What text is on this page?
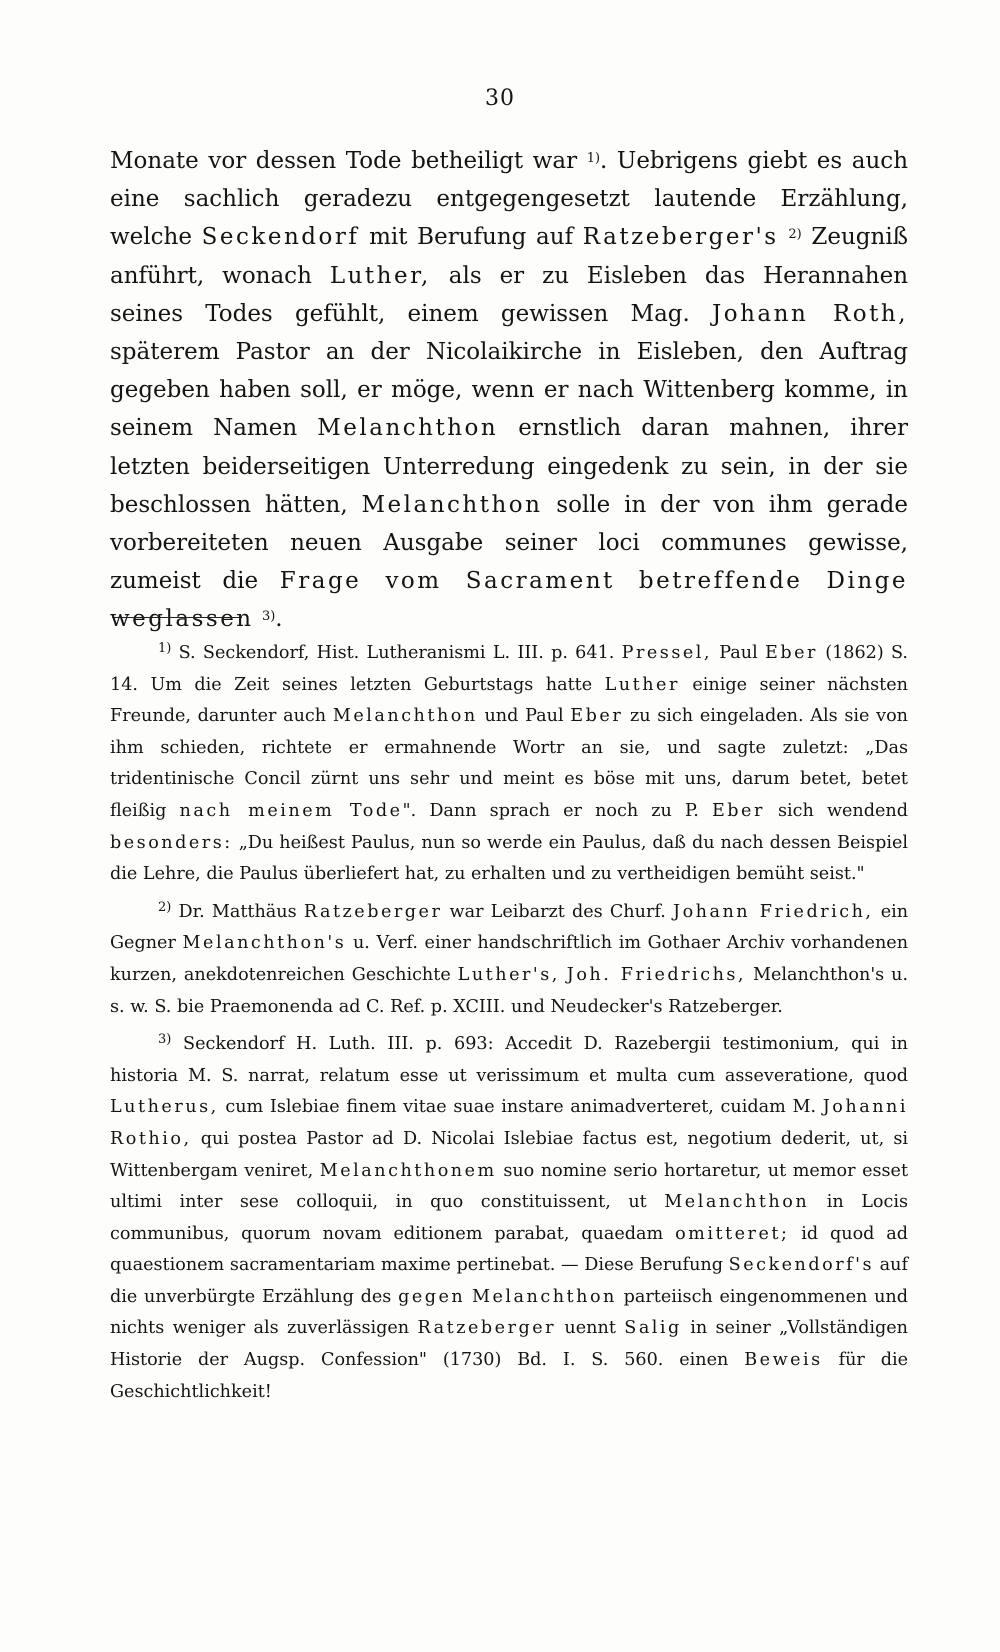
30
Monate vor dessen Tode betheiligt war $^{1)}$. Uebrigens giebt es auch eine sachlich geradezu entgegengesetzt lautende Erzählung, welche Seckendorf mit Berufung auf Ratzeberger's $^{2)}$ Zeugniß anführt, wonach Luther, als er zu Eisleben das Herannahen seines Todes gefühlt, einem gewissen Mag. Johann Roth, späterem Pastor an der Nicolaikirche in Eisleben, den Auftrag gegeben haben soll, er möge, wenn er nach Wittenberg komme, in seinem Namen Melanchthon ernstlich daran mahnen, ihrer letzten beiderseitigen Unterredung eingedenk zu sein, in der sie beschlossen hätten, Melanchthon solle in der von ihm gerade vorbereiteten neuen Ausgabe seiner loci communes gewisse, zumeist die Frage vom Sacrament betreffende Dinge weglassen $^{3)}$.

$^{1)}$ S. Seckendorf, Hist. Lutheranismi L. III. p. 641. Pressel, Paul Eber (1862) S. 14. Um die Zeit seines letzten Geburtstags hatte Luther einige seiner nächsten Freunde, darunter auch Melanchthon und Paul Eber zu sich eingeladen. Als sie von ihm schieden, richtete er ermahnende Wortr an sie, und sagte zuletzt: „Das tridentinische Concil zürnt uns sehr und meint es böse mit uns, darum betet, betet fleißig nach meinem Tode". Dann sprach er noch zu P. Eber sich wendend besonders: „Du heißest Paulus, nun so werde ein Paulus, daß du nach dessen Beispiel die Lehre, die Paulus überliefert hat, zu erhalten und zu vertheidigen bemüht seist."

$^{2)}$ Dr. Matthäus Ratzeberger war Leibarzt des Churf. Johann Friedrich, ein Gegner Melanchthon's u. Verf. einer handschriftlich im Gothaer Archiv vorhandenen kurzen, anekdotenreichen Geschichte Luther's, Joh. Friedrichs, Melanchthon's u. s. w. S. bie Praemonenda ad C. Ref. p. XCIII. und Neudecker's Ratzeberger.

$^{3)}$ Seckendorf H. Luth. III. p. 693: Accedit D. Razebergii testimonium, qui in historia M. S. narrat, relatum esse ut verissimum et multa cum asseveratione, quod Lutherus, cum Islebiae finem vitae suae instare animadverteret, cuidam M. Johanni Rothio, qui postea Pastor ad D. Nicolai Islebiae factus est, negotium dederit, ut, si Wittenbergam veniret, Melanchthonem suo nomine serio hortaretur, ut memor esset ultimi inter sese colloquii, in quo constituissent, ut Melanchthon in Locis communibus, quorum novam editionem parabat, quaedam omitteret; id quod ad quaestionem sacramentariam maxime pertinebat. — Diese Berufung Seckendorf's auf die unverbürgte Erzählung des gegen Melanchthon parteiisch eingenommenen und nichts weniger als zuverlässigen Ratzeberger uennt Salig in seiner „Vollständigen Historie der Augsp. Confession" (1730) Bd. I. S. 560. einen Beweis für die Geschichtlichkeit!
